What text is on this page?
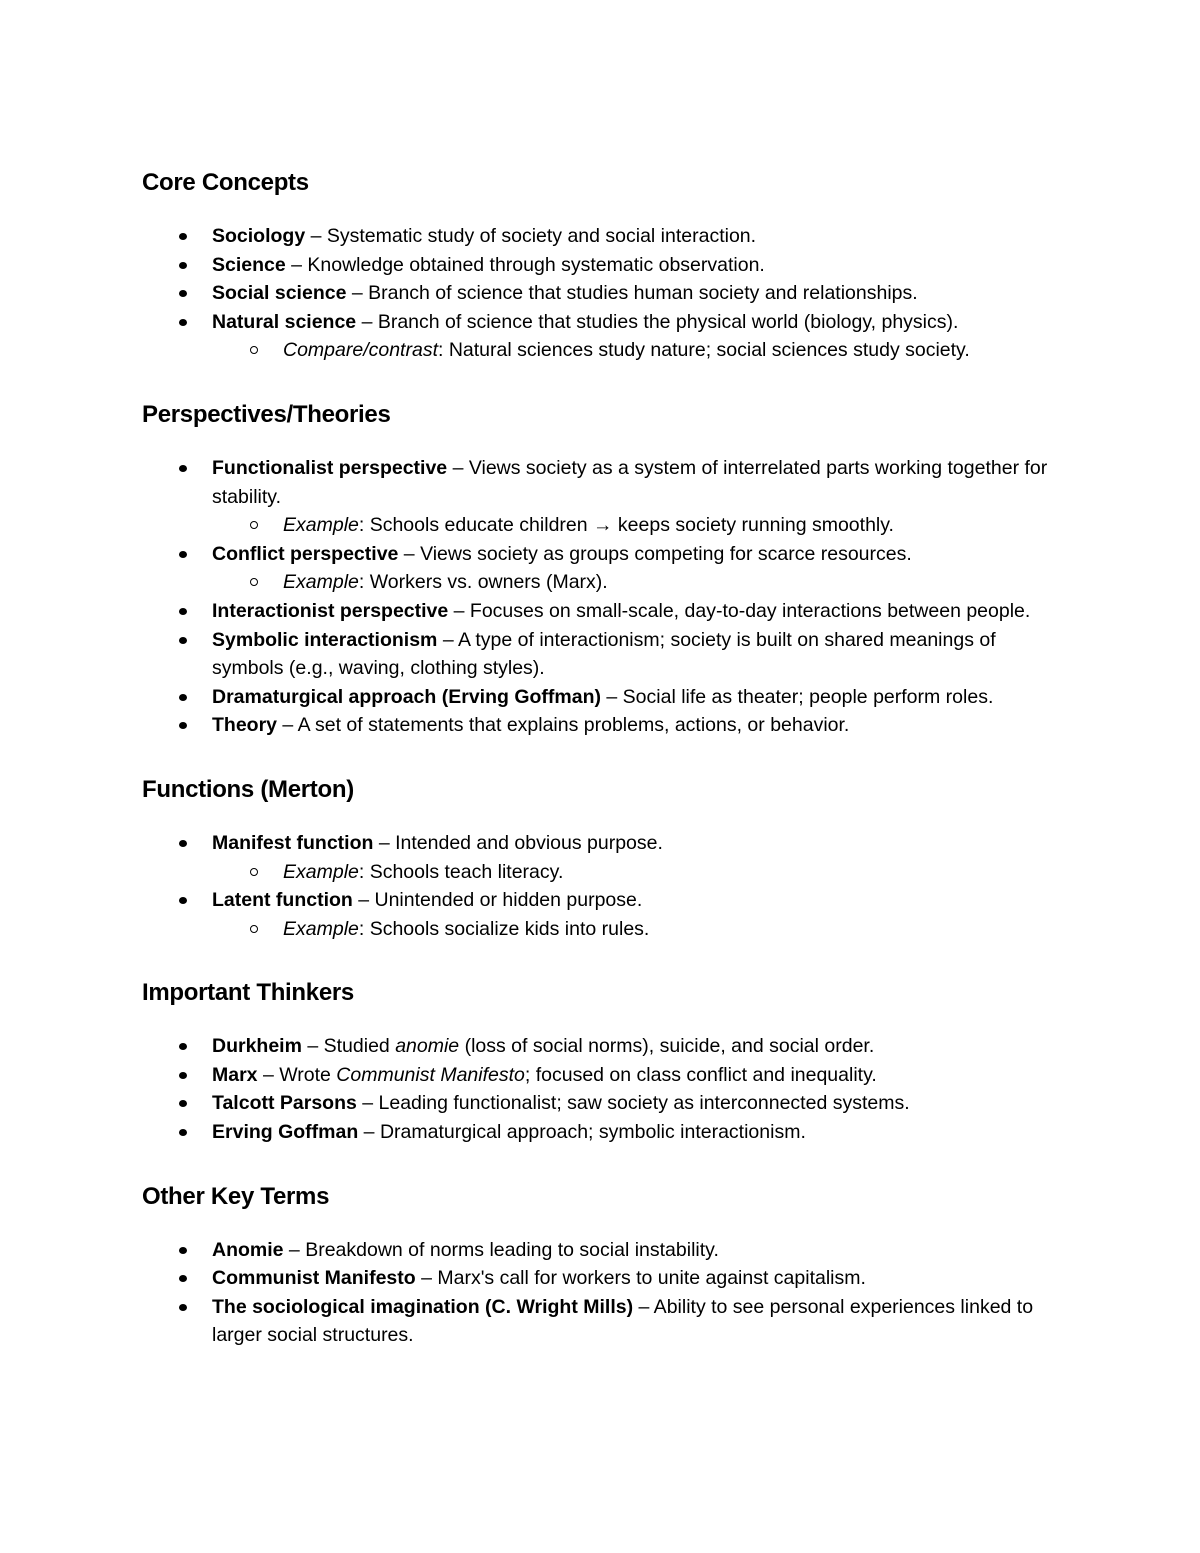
Core Concepts
Sociology – Systematic study of society and social interaction.
Science – Knowledge obtained through systematic observation.
Social science – Branch of science that studies human society and relationships.
Natural science – Branch of science that studies the physical world (biology, physics).
Compare/contrast: Natural sciences study nature; social sciences study society.
Perspectives/Theories
Functionalist perspective – Views society as a system of interrelated parts working together for stability.
Example: Schools educate children → keeps society running smoothly.
Conflict perspective – Views society as groups competing for scarce resources.
Example: Workers vs. owners (Marx).
Interactionist perspective – Focuses on small-scale, day-to-day interactions between people.
Symbolic interactionism – A type of interactionism; society is built on shared meanings of symbols (e.g., waving, clothing styles).
Dramaturgical approach (Erving Goffman) – Social life as theater; people perform roles.
Theory – A set of statements that explains problems, actions, or behavior.
Functions (Merton)
Manifest function – Intended and obvious purpose.
Example: Schools teach literacy.
Latent function – Unintended or hidden purpose.
Example: Schools socialize kids into rules.
Important Thinkers
Durkheim – Studied anomie (loss of social norms), suicide, and social order.
Marx – Wrote Communist Manifesto; focused on class conflict and inequality.
Talcott Parsons – Leading functionalist; saw society as interconnected systems.
Erving Goffman – Dramaturgical approach; symbolic interactionism.
Other Key Terms
Anomie – Breakdown of norms leading to social instability.
Communist Manifesto – Marx's call for workers to unite against capitalism.
The sociological imagination (C. Wright Mills) – Ability to see personal experiences linked to larger social structures.
